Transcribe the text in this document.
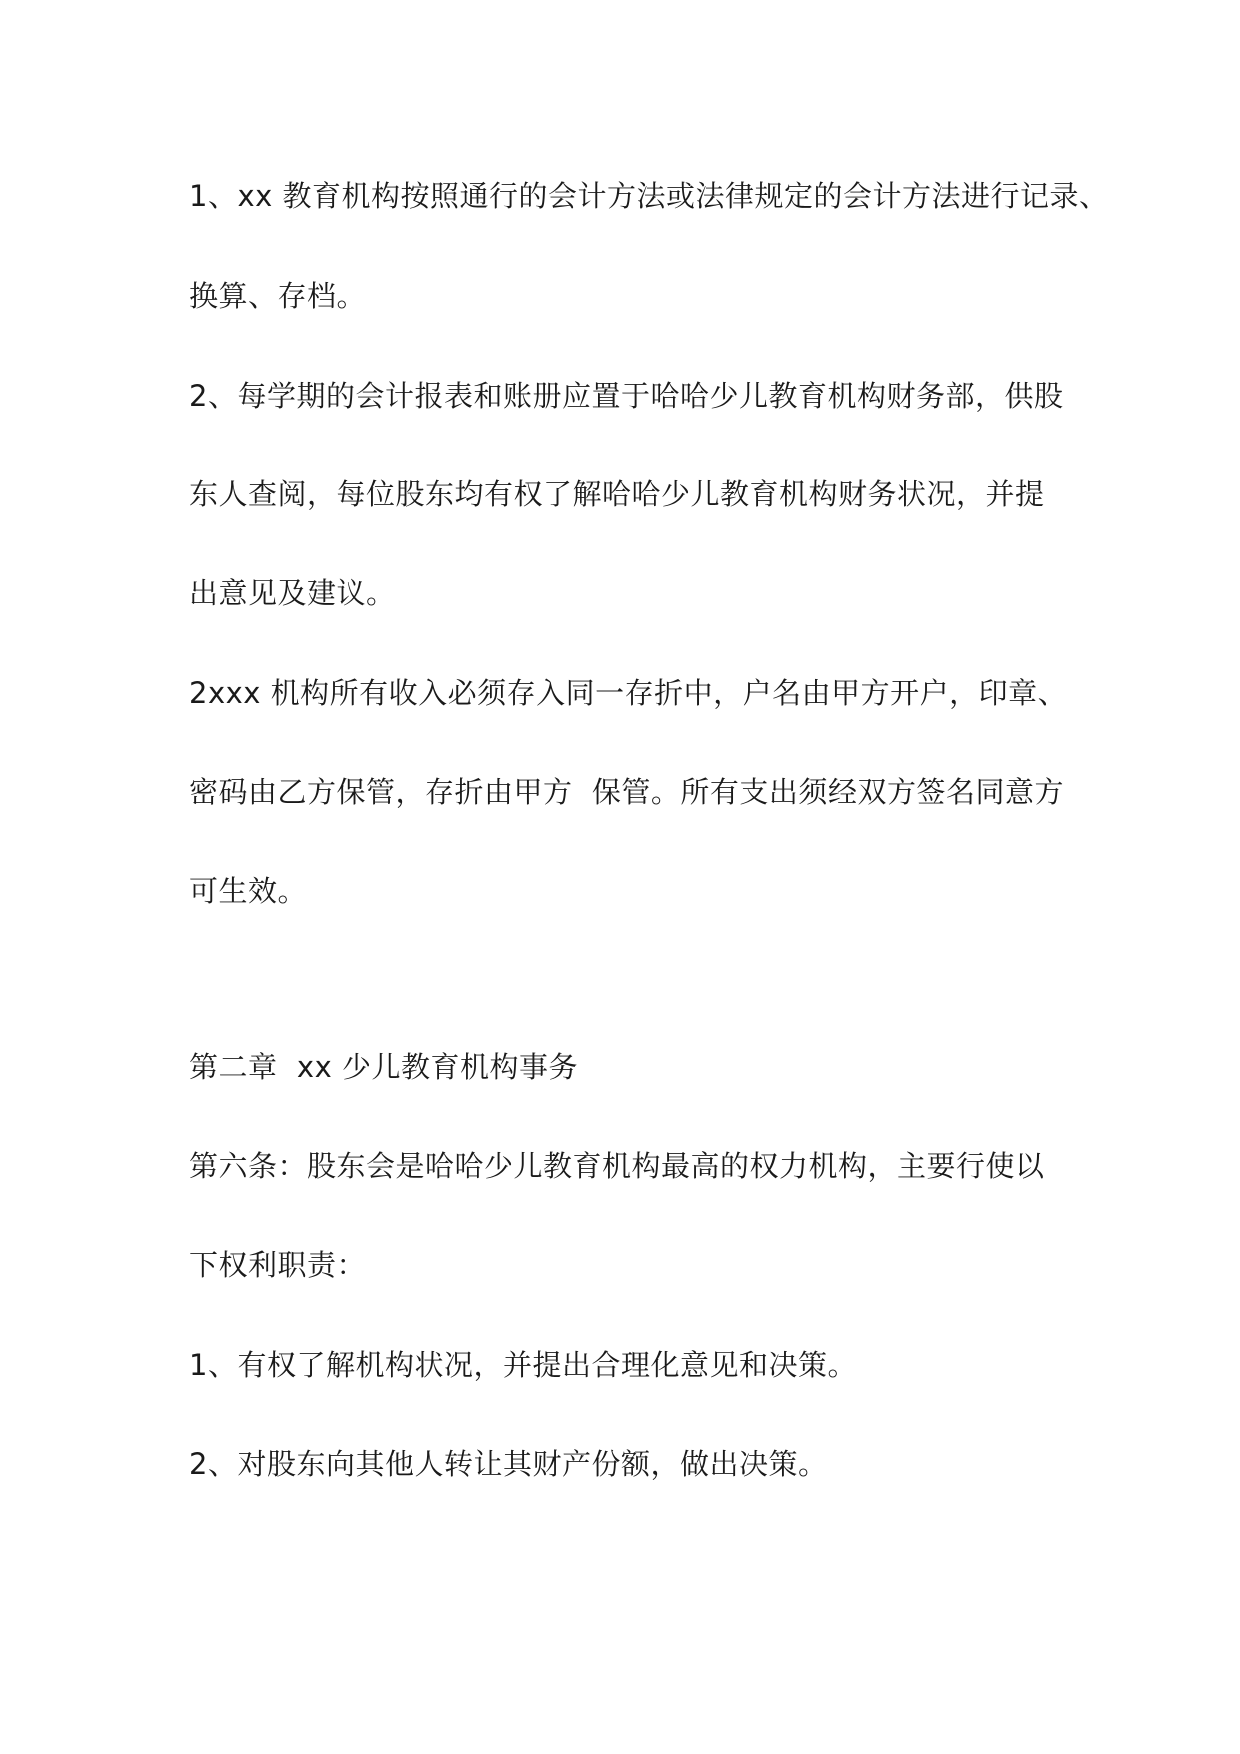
1、xx 教育机构按照通行的会计方法或法律规定的会计方法进行记录、
换算、存档。
2、每学期的会计报表和账册应置于哈哈少儿教育机构财务部，供股
东人查阅，每位股东均有权了解哈哈少儿教育机构财务状况，并提
出意见及建议。
2xxx 机构所有收入必须存入同一存折中，户名由甲方开户，印章、
密码由乙方保管，存折由甲方  保管。所有支出须经双方签名同意方
可生效。
第二章  xx 少儿教育机构事务
第六条：股东会是哈哈少儿教育机构最高的权力机构，主要行使以
下权利职责：
1、有权了解机构状况，并提出合理化意见和决策。
2、对股东向其他人转让其财产份额，做出决策。
